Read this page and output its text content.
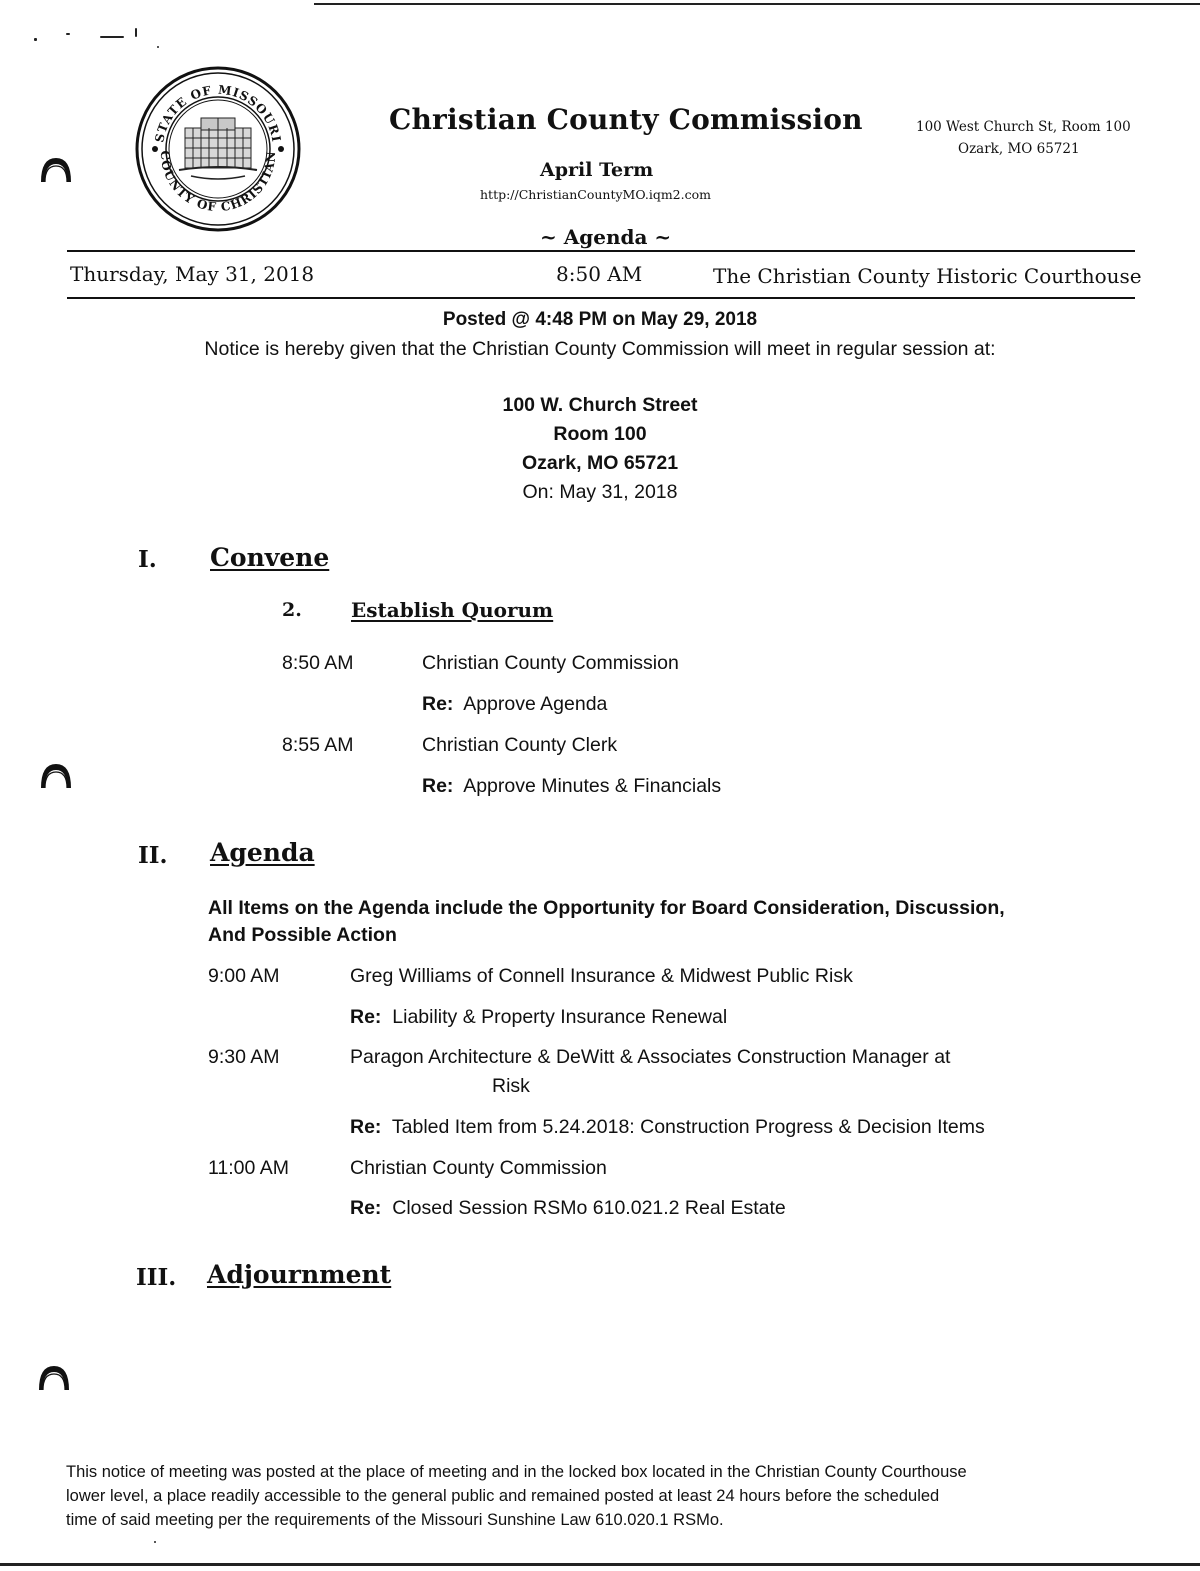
STATE OF MISSOURI
COUNTY OF CHRISTIAN
Christian County Commission
April Term
http://ChristianCountyMO.iqm2.com
100 West Church St, Room 100
Ozark, MO 65721
~ Agenda ~
Thursday, May 31, 2018	8:50 AM	The Christian County Historic Courthouse
Posted @ 4:48 PM on May 29, 2018
Notice is hereby given that the Christian County Commission will meet in regular session at:
100 W. Church Street
Room 100
Ozark, MO 65721
On: May 31, 2018
I. Convene
2. Establish Quorum
8:50 AM	Christian County Commission
Re: Approve Agenda
8:55 AM	Christian County Clerk
Re: Approve Minutes & Financials
II. Agenda
All Items on the Agenda include the Opportunity for Board Consideration, Discussion,
And Possible Action
9:00 AM	Greg Williams of Connell Insurance & Midwest Public Risk
Re: Liability & Property Insurance Renewal
9:30 AM	Paragon Architecture & DeWitt & Associates Construction Manager at
Risk
Re: Tabled Item from 5.24.2018: Construction Progress & Decision Items
11:00 AM	Christian County Commission
Re: Closed Session RSMo 610.021.2 Real Estate
III. Adjournment
This notice of meeting was posted at the place of meeting and in the locked box located in the Christian County Courthouse
lower level, a place readily accessible to the general public and remained posted at least 24 hours before the scheduled
time of said meeting per the requirements of the Missouri Sunshine Law 610.020.1 RSMo.
